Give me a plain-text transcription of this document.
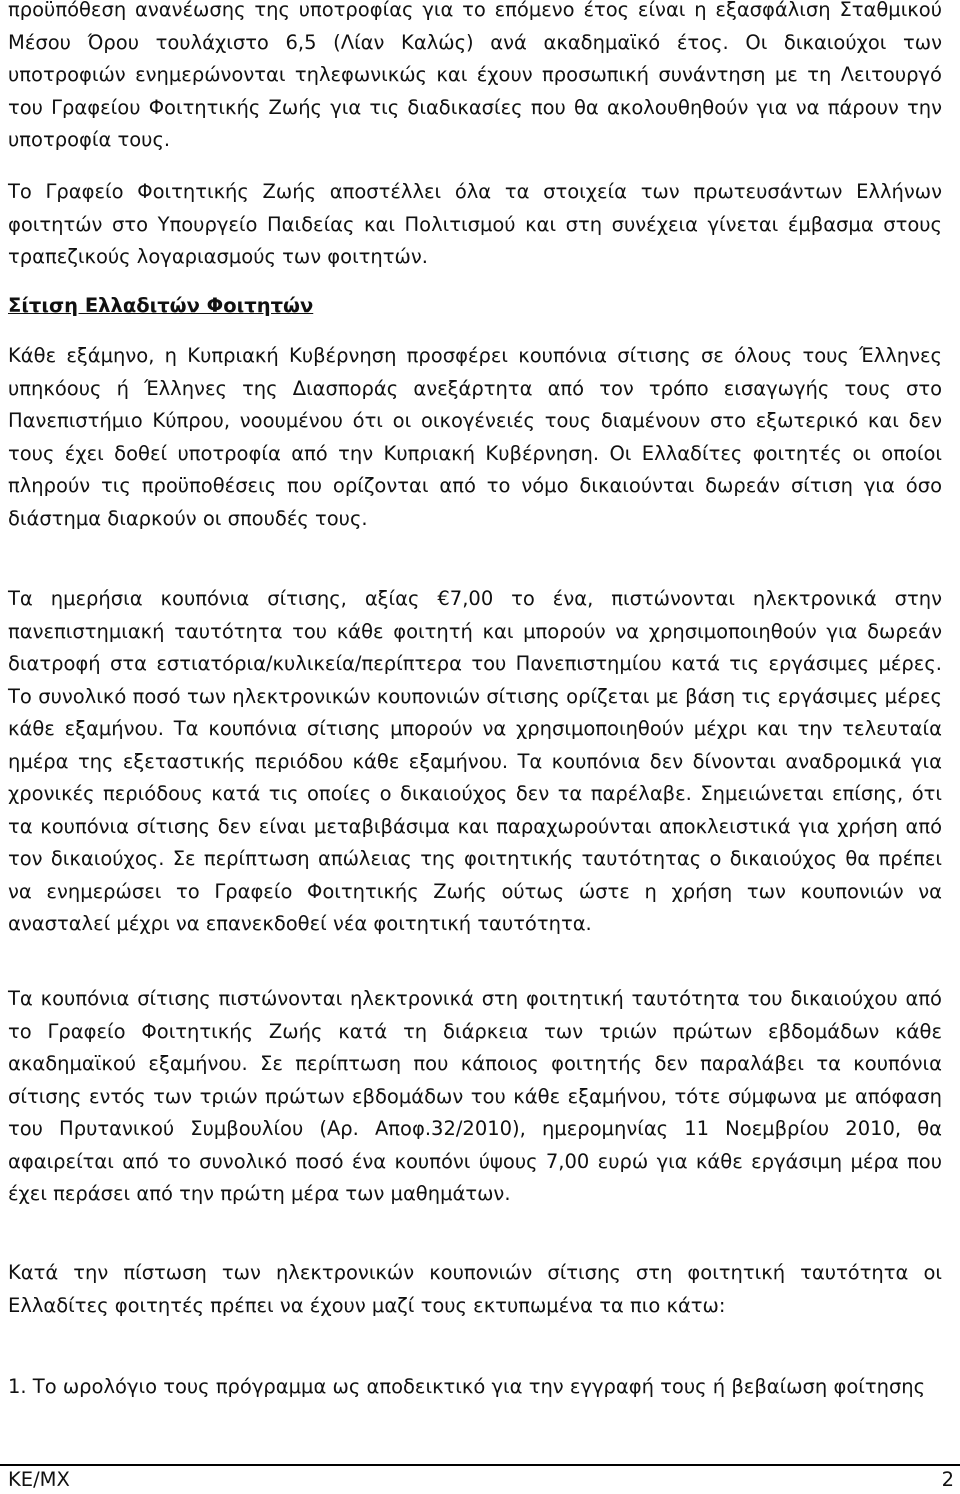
προϋπόθεση ανανέωσης της υποτροφίας για το επόμενο έτος είναι η εξασφάλιση Σταθμικού Μέσου Όρου τουλάχιστο 6,5 (Λίαν Καλώς) ανά ακαδημαϊκό έτος. Οι δικαιούχοι των υποτροφιών ενημερώνονται τηλεφωνικώς και έχουν προσωπική συνάντηση με τη Λειτουργό του Γραφείου Φοιτητικής Ζωής για τις διαδικασίες που θα ακολουθηθούν για να πάρουν την υποτροφία τους.

Το Γραφείο Φοιτητικής Ζωής αποστέλλει όλα τα στοιχεία των πρωτευσάντων Ελλήνων φοιτητών στο Υπουργείο Παιδείας και Πολιτισμού και στη συνέχεια γίνεται έμβασμα στους τραπεζικούς λογαριασμούς των φοιτητών.

Σίτιση Ελλαδιτών Φοιτητών

Κάθε εξάμηνο, η Κυπριακή Κυβέρνηση προσφέρει κουπόνια σίτισης σε όλους τους Έλληνες υπηκόους ή Έλληνες της Διασποράς ανεξάρτητα από τον τρόπο εισαγωγής τους στο Πανεπιστήμιο Κύπρου, νοουμένου ότι οι οικογένειές τους διαμένουν στο εξωτερικό και δεν τους έχει δοθεί υποτροφία από την Κυπριακή Κυβέρνηση. Οι Ελλαδίτες φοιτητές οι οποίοι πληρούν τις προϋποθέσεις που ορίζονται από το νόμο δικαιούνται δωρεάν σίτιση για όσο διάστημα διαρκούν οι σπουδές τους.

Τα ημερήσια κουπόνια σίτισης, αξίας €7,00 το ένα, πιστώνονται ηλεκτρονικά στην πανεπιστημιακή ταυτότητα του κάθε φοιτητή και μπορούν να χρησιμοποιηθούν για δωρεάν διατροφή στα εστιατόρια/κυλικεία/περίπτερα του Πανεπιστημίου κατά τις εργάσιμες μέρες. Το συνολικό ποσό των ηλεκτρονικών κουπονιών σίτισης ορίζεται με βάση τις εργάσιμες μέρες κάθε εξαμήνου. Τα κουπόνια σίτισης μπορούν να χρησιμοποιηθούν μέχρι και την τελευταία ημέρα της εξεταστικής περιόδου κάθε εξαμήνου. Τα κουπόνια δεν δίνονται αναδρομικά για χρονικές περιόδους κατά τις οποίες ο δικαιούχος δεν τα παρέλαβε. Σημειώνεται επίσης, ότι τα κουπόνια σίτισης δεν είναι μεταβιβάσιμα και παραχωρούνται αποκλειστικά για χρήση από τον δικαιούχος. Σε περίπτωση απώλειας της φοιτητικής ταυτότητας ο δικαιούχος θα πρέπει να ενημερώσει το Γραφείο Φοιτητικής Ζωής ούτως ώστε η χρήση των κουπονιών να ανασταλεί μέχρι να επανεκδοθεί νέα φοιτητική ταυτότητα.

Τα κουπόνια σίτισης πιστώνονται ηλεκτρονικά στη φοιτητική ταυτότητα του δικαιούχου από το Γραφείο Φοιτητικής Ζωής κατά τη διάρκεια των τριών πρώτων εβδομάδων κάθε ακαδημαϊκού εξαμήνου. Σε περίπτωση που κάποιος φοιτητής δεν παραλάβει τα κουπόνια σίτισης εντός των τριών πρώτων εβδομάδων του κάθε εξαμήνου, τότε σύμφωνα με απόφαση του Πρυτανικού Συμβουλίου (Αρ. Αποφ.32/2010), ημερομηνίας 11 Νοεμβρίου 2010, θα αφαιρείται από το συνολικό ποσό ένα κουπόνι ύψους 7,00 ευρώ για κάθε εργάσιμη μέρα που έχει περάσει από την πρώτη μέρα των μαθημάτων.

Κατά την πίστωση των ηλεκτρονικών κουπονιών σίτισης στη φοιτητική ταυτότητα οι Ελλαδίτες φοιτητές πρέπει να έχουν μαζί τους εκτυπωμένα τα πιο κάτω:

1. Το ωρολόγιο τους πρόγραμμα ως αποδεικτικό για την εγγραφή τους ή βεβαίωση φοίτησης

ΚΕ/ΜΧ	2
